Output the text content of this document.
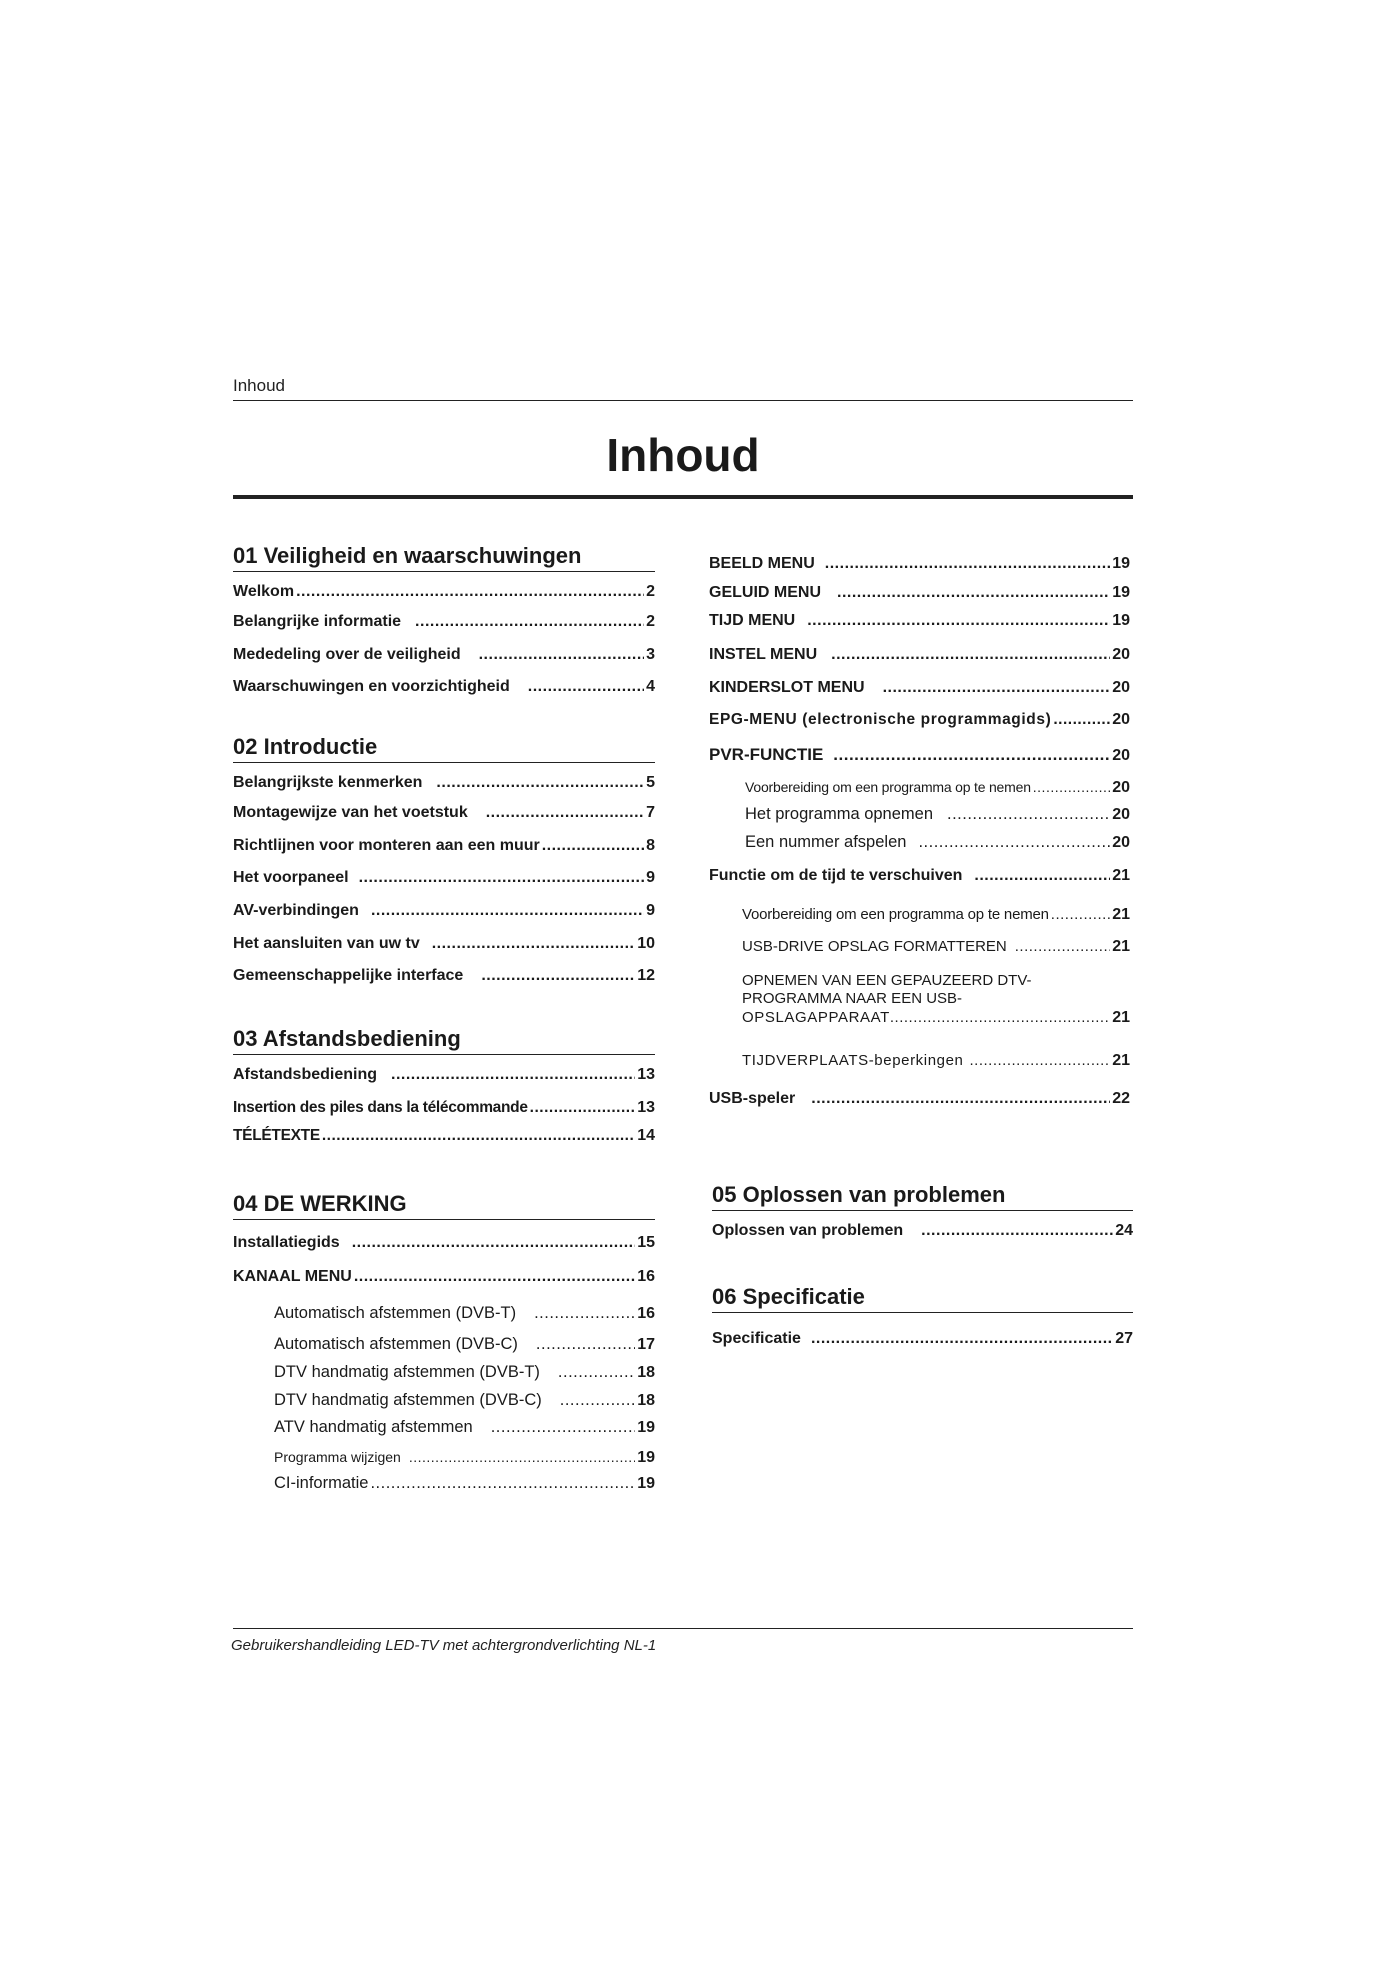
Inhoud
Inhoud
01 Veiligheid en waarschuwingen
Welkom .....	2
Belangrijke informatie .....	2
Mededeling over de veiligheid .....	3
Waarschuwingen en voorzichtigheid .....	4
02 Introductie
Belangrijkste kenmerken .....	5
Montagewijze van het voetstuk .....	7
Richtlijnen voor monteren aan een muur .....	8
Het voorpaneel .....	9
AV-verbindingen .....	9
Het aansluiten van uw tv .....	10
Gemeenschappelijke interface .....	12
03 Afstandsbediening
Afstandsbediening .....	13
Insertion des piles dans la télécommande .....	13
TÉLÉTEXTE .....	14
04 DE WERKING
Installatiegids .....	15
KANAAL MENU .....	16
Automatisch afstemmen (DVB-T) .....	16
Automatisch afstemmen (DVB-C) .....	17
DTV handmatig afstemmen (DVB-T) .....	18
DTV handmatig afstemmen (DVB-C) .....	18
ATV handmatig afstemmen .....	19
Programma wijzigen .....	19
CI-informatie .....	19
BEELD MENU .....	19
GELUID MENU .....	19
TIJD MENU .....	19
INSTEL MENU .....	20
KINDERSLOT MENU .....	20
EPG-MENU (electronische programmagids) .....	20
PVR-FUNCTIE .....	20
Voorbereiding om een programma op te nemen .....	20
Het programma opnemen .....	20
Een nummer afspelen .....	20
Functie om de tijd te verschuiven .....	21
Voorbereiding om een programma op te nemen .....	21
USB-DRIVE OPSLAG FORMATTEREN .....	21
OPNEMEN VAN EEN GEPAUZEERD DTV-
PROGRAMMA NAAR EEN USB-
OPSLAGAPPARAAT .....	21
TIJDVERPLAATS-beperkingen .....	21
USB-speler .....	22
05 Oplossen van problemen
Oplossen van problemen .....	24
06 Specificatie
Specificatie .....	27
Gebruikershandleiding LED-TV met achtergrondverlichting NL-1
